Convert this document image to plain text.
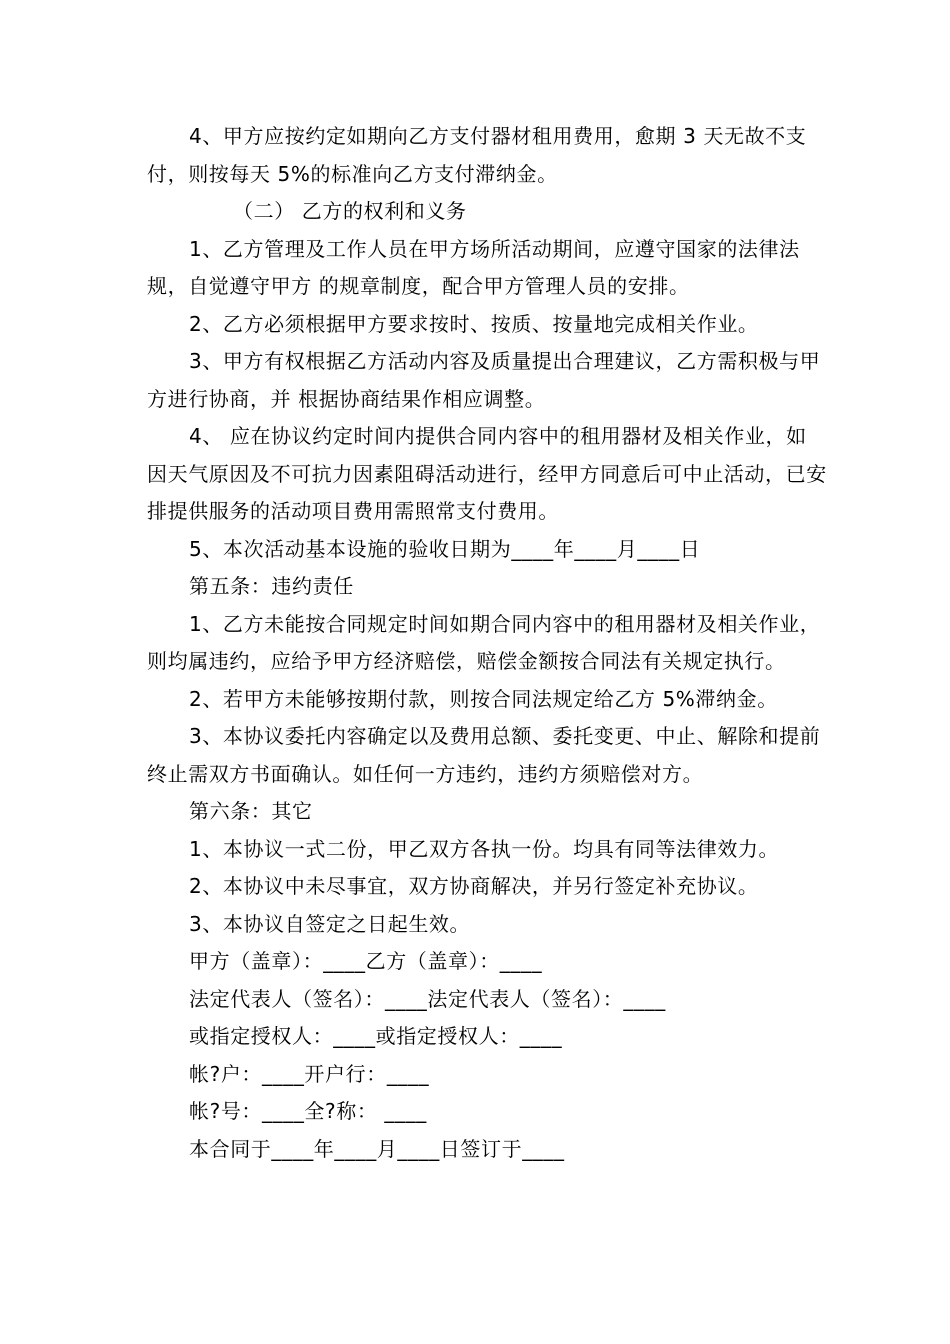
4、甲方应按约定如期向乙方支付器材租用费用，愈期 3 天无故不支付，则按每天 5%的标准向乙方支付滞纳金。

（二） 乙方的权利和义务

1、乙方管理及工作人员在甲方场所活动期间，应遵守国家的法律法规，自觉遵守甲方 的规章制度，配合甲方管理人员的安排。

2、乙方必须根据甲方要求按时、按质、按量地完成相关作业。

3、甲方有权根据乙方活动内容及质量提出合理建议，乙方需积极与甲方进行协商，并 根据协商结果作相应调整。

4、 应在协议约定时间内提供合同内容中的租用器材及相关作业，如因天气原因及不可抗力因素阻碍活动进行，经甲方同意后可中止活动，已安排提供服务的活动项目费用需照常支付费用。

5、本次活动基本设施的验收日期为____年____月____日

第五条：违约责任

1、乙方未能按合同规定时间如期合同内容中的租用器材及相关作业，则均属违约，应给予甲方经济赔偿，赔偿金额按合同法有关规定执行。

2、若甲方未能够按期付款，则按合同法规定给乙方 5%滞纳金。

3、本协议委托内容确定以及费用总额、委托变更、中止、解除和提前终止需双方书面确认。如任何一方违约，违约方须赔偿对方。

第六条：其它

1、本协议一式二份，甲乙双方各执一份。均具有同等法律效力。

2、本协议中未尽事宜，双方协商解决，并另行签定补充协议。

3、本协议自签定之日起生效。

甲方（盖章）：____乙方（盖章）：____

法定代表人（签名）：____法定代表人（签名）：____

或指定授权人：____或指定授权人：____

帐?户：____开户行：____

帐?号：____全?称： ____

本合同于____年____月____日签订于____
